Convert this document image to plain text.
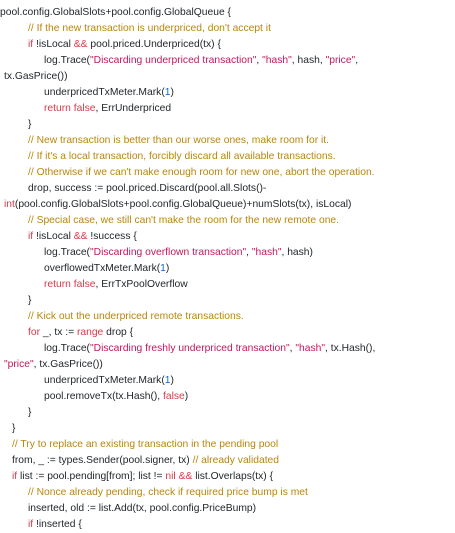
pool.config.GlobalSlots+pool.config.GlobalQueue {
// If the new transaction is underpriced, don't accept it
if !isLocal && pool.priced.Underpriced(tx) {
log.Trace("Discarding underpriced transaction", "hash", hash, "price",
tx.GasPrice())
underpricedTxMeter.Mark(1)
return false, ErrUnderpriced
}
// New transaction is better than our worse ones, make room for it.
// If it's a local transaction, forcibly discard all available transactions.
// Otherwise if we can't make enough room for new one, abort the operation.
drop, success := pool.priced.Discard(pool.all.Slots()-
int(pool.config.GlobalSlots+pool.config.GlobalQueue)+numSlots(tx), isLocal)
// Special case, we still can't make the room for the new remote one.
if !isLocal && !success {
log.Trace("Discarding overflown transaction", "hash", hash)
overflowedTxMeter.Mark(1)
return false, ErrTxPoolOverflow
}
// Kick out the underpriced remote transactions.
for _, tx := range drop {
log.Trace("Discarding freshly underpriced transaction", "hash", tx.Hash(),
"price", tx.GasPrice())
underpricedTxMeter.Mark(1)
pool.removeTx(tx.Hash(), false)
}
}
// Try to replace an existing transaction in the pending pool
from, _ := types.Sender(pool.signer, tx) // already validated
if list := pool.pending[from]; list != nil && list.Overlaps(tx) {
// Nonce already pending, check if required price bump is met
inserted, old := list.Add(tx, pool.config.PriceBump)
if !inserted {
